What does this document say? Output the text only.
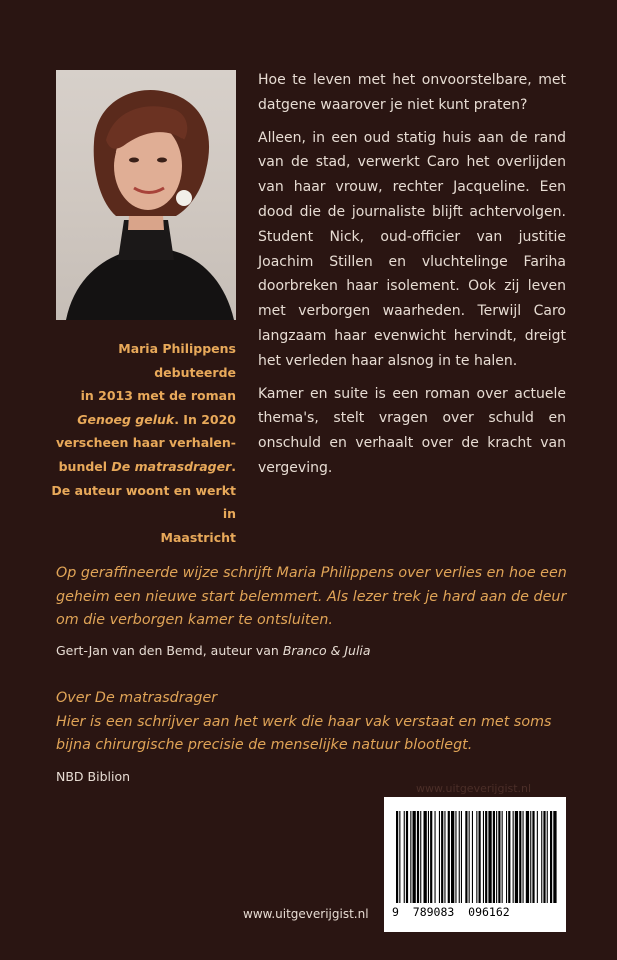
Maria Philippens debuteerde
in 2013 met de roman
Genoeg geluk. In 2020
verscheen haar verhalen-
bundel De matrasdrager.
De auteur woont en werkt in
Maastricht

Hoe te leven met het onvoorstelbare, met datgene waarover je niet kunt praten?

Alleen, in een oud statig huis aan de rand van de stad, verwerkt Caro het overlijden van haar vrouw, rechter Jacqueline. Een dood die de journaliste blijft achtervolgen. Student Nick, oud-officier van justitie Joachim Stillen en vluchtelinge Fariha doorbreken haar isolement. Ook zij leven met verborgen waarheden. Terwijl Caro langzaam haar evenwicht hervindt, dreigt het verleden haar alsnog in te halen.

Kamer en suite is een roman over actuele thema's, stelt vragen over schuld en onschuld en verhaalt over de kracht van vergeving.

Op geraffineerde wijze schrijft Maria Philippens over verlies en hoe een
geheim een nieuwe start belemmert. Als lezer trek je hard aan de deur
om die verborgen kamer te ontsluiten.
Gert-Jan van den Bemd, auteur van Branco & Julia
Over De matrasdrager
Hier is een schrijver aan het werk die haar vak verstaat en met soms
bijna chirurgische precisie de menselijke natuur blootlegt.
NBD Biblion
www.uitgeverijgist.nl
9  789083  096162
www.uitgeverijgist.nl
